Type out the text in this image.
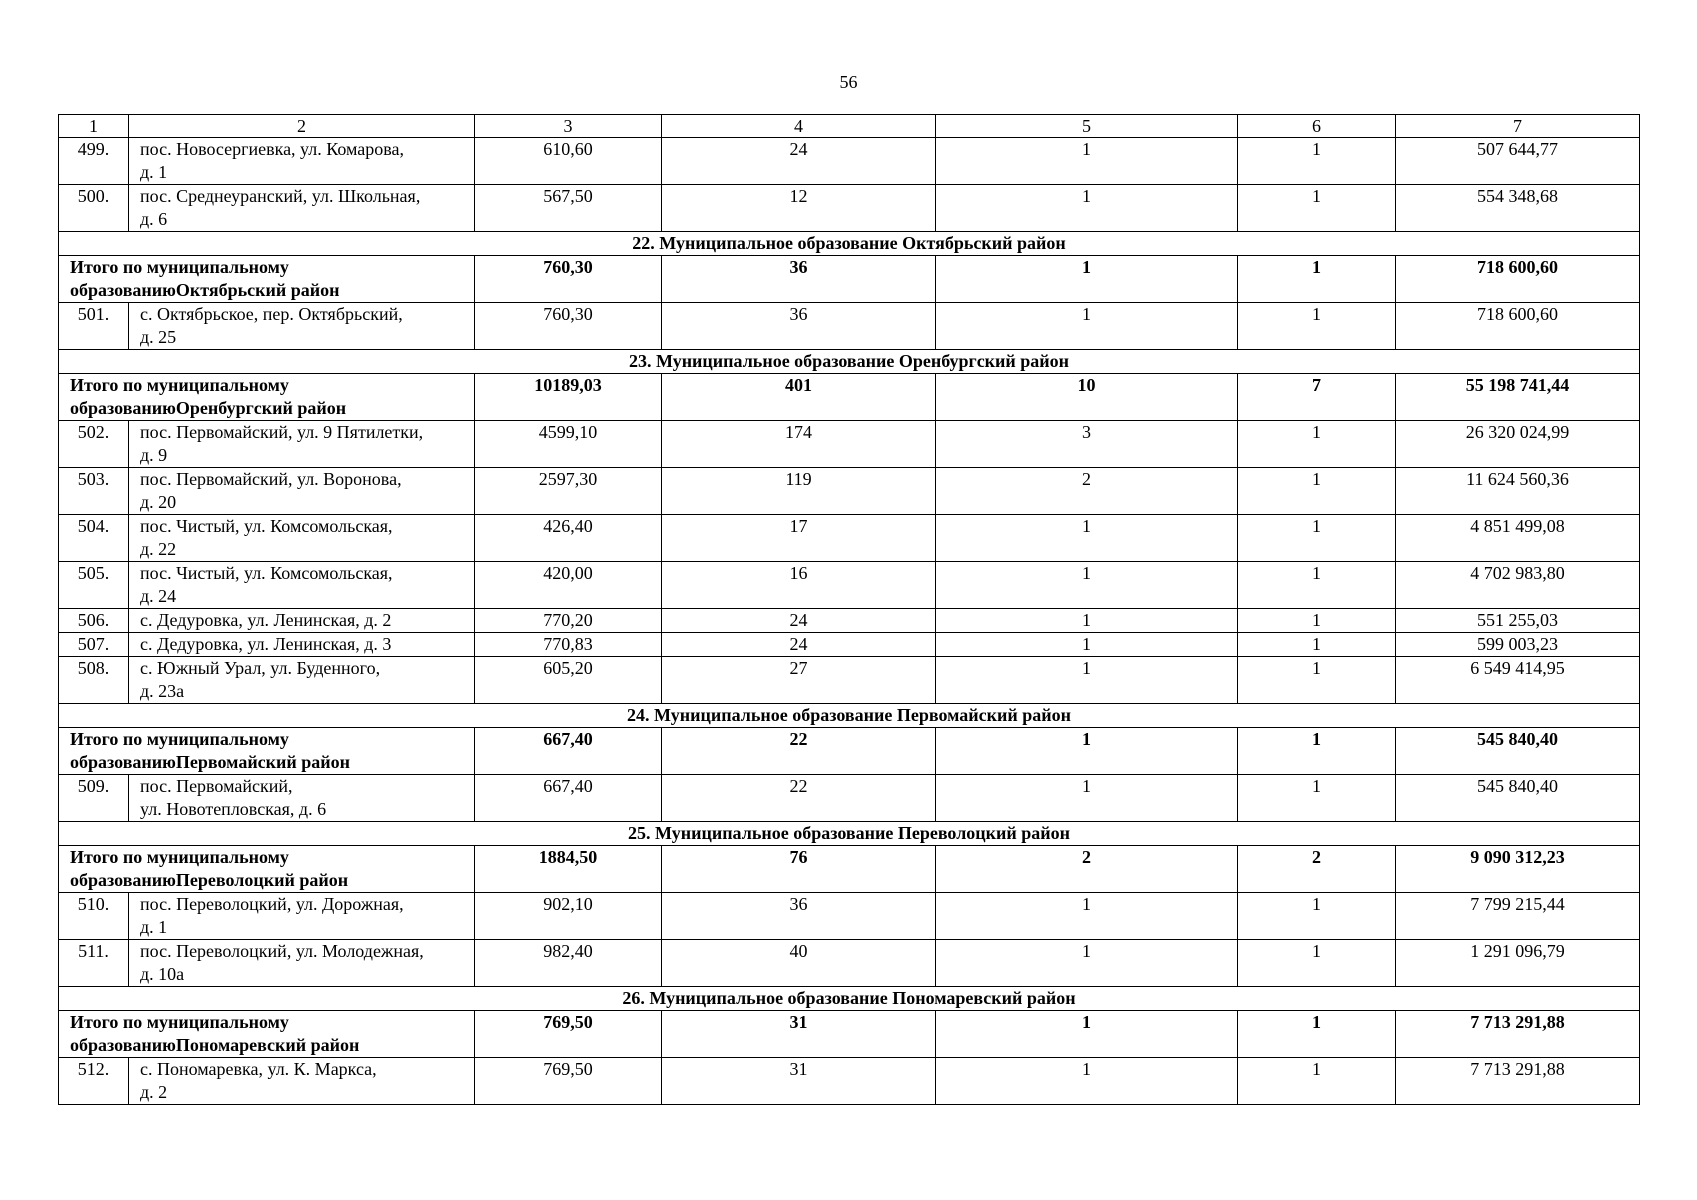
56
1	2	3	4	5	6	7
499.	пос. Новосергиевка, ул. Комарова,
д. 1	610,60	24	1	1	507 644,77
500.	пос. Среднеуранский, ул. Школьная,
д. 6	567,50	12	1	1	554 348,68
22. Муниципальное образование Октябрьский район						
Итого по муниципальному образованиюОктябрьский район		760,30	36	1	1	718 600,60
501.	с. Октябрьское, пер. Октябрьский,
д. 25	760,30	36	1	1	718 600,60
23. Муниципальное образование Оренбургский район						
Итого по муниципальному образованиюОренбургский район		10189,03	401	10	7	55 198 741,44
502.	пос. Первомайский, ул. 9 Пятилетки,
д. 9	4599,10	174	3	1	26 320 024,99
503.	пос. Первомайский, ул. Воронова,
д. 20	2597,30	119	2	1	11 624 560,36
504.	пос. Чистый, ул. Комсомольская,
д. 22	426,40	17	1	1	4 851 499,08
505.	пос. Чистый, ул. Комсомольская,
д. 24	420,00	16	1	1	4 702 983,80
506.	с. Дедуровка, ул. Ленинская, д. 2	770,20	24	1	1	551 255,03
507.	с. Дедуровка, ул. Ленинская, д. 3	770,83	24	1	1	599 003,23
508.	с. Южный Урал, ул. Буденного,
д. 23а	605,20	27	1	1	6 549 414,95
24. Муниципальное образование Первомайский район						
Итого по муниципальному образованиюПервомайский район		667,40	22	1	1	545 840,40
509.	пос. Первомайский,
ул. Новотепловская, д. 6	667,40	22	1	1	545 840,40
25. Муниципальное образование Переволоцкий район						
Итого по муниципальному образованиюПереволоцкий район		1884,50	76	2	2	9 090 312,23
510.	пос. Переволоцкий, ул. Дорожная,
д. 1	902,10	36	1	1	7 799 215,44
511.	пос. Переволоцкий, ул. Молодежная,
д. 10а	982,40	40	1	1	1 291 096,79
26. Муниципальное образование Пономаревский район						
Итого по муниципальному образованиюПономаревский район		769,50	31	1	1	7 713 291,88
512.	с. Пономаревка, ул. К. Маркса,
д. 2	769,50	31	1	1	7 713 291,88
